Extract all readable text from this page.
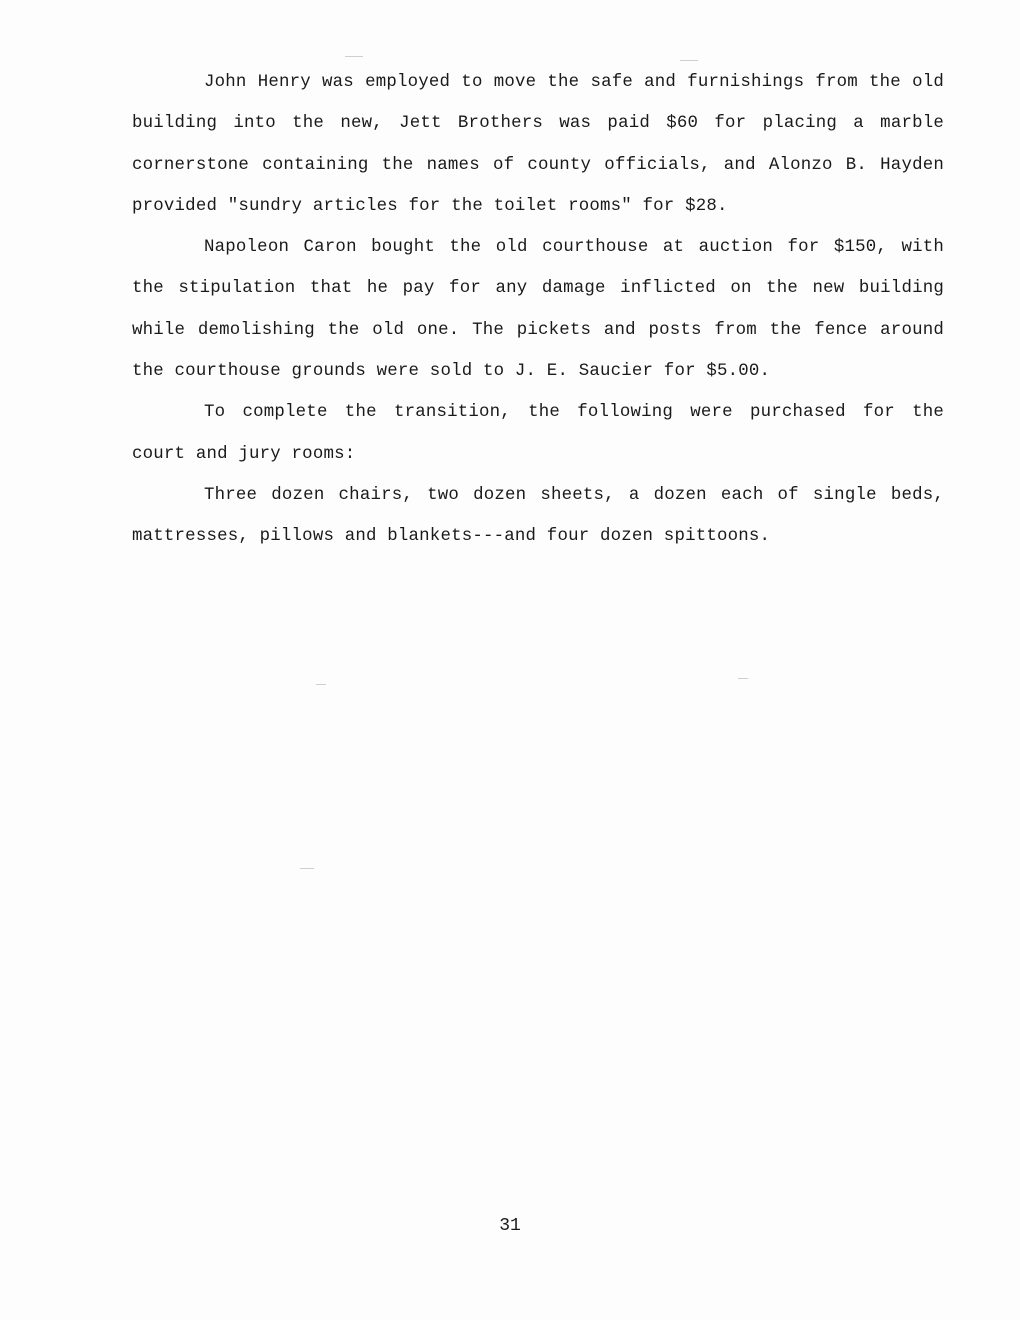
John Henry was employed to move the safe and furnishings from the old building into the new, Jett Brothers was paid $60 for placing a marble cornerstone containing the names of county officials, and Alonzo B. Hayden provided "sundry articles for the toilet rooms" for $28.

Napoleon Caron bought the old courthouse at auction for $150, with the stipulation that he pay for any damage inflicted on the new building while demolishing the old one. The pickets and posts from the fence around the courthouse grounds were sold to J. E. Saucier for $5.00.

To complete the transition, the following were purchased for the court and jury rooms:

Three dozen chairs, two dozen sheets, a dozen each of single beds, mattresses, pillows and blankets---and four dozen spittoons.

31
